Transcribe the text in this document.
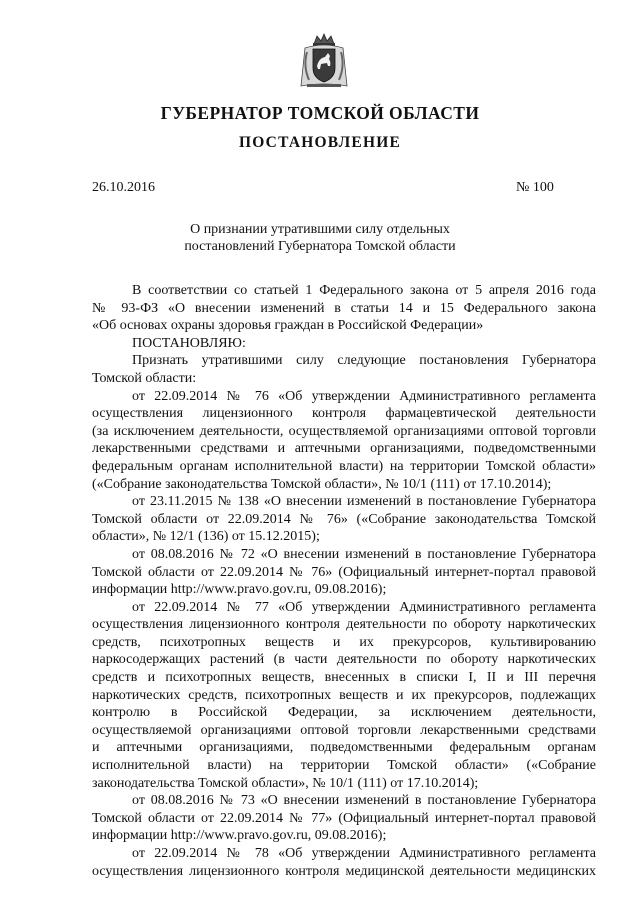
ГУБЕРНАТОР ТОМСКОЙ ОБЛАСТИ
ПОСТАНОВЛЕНИЕ
26.10.2016	№ 100
О признании утратившими силу отдельных
постановлений Губернатора Томской области
В соответствии со статьей 1 Федерального закона от 5 апреля 2016 года
№ 93-ФЗ «О внесении изменений в статьи 14 и 15 Федерального закона
«Об основах охраны здоровья граждан в Российской Федерации»
ПОСТАНОВЛЯЮ:
Признать утратившими силу следующие постановления Губернатора
Томской области:
от 22.09.2014 № 76 «Об утверждении Административного регламента
осуществления лицензионного контроля фармацевтической деятельности
(за исключением деятельности, осуществляемой организациями оптовой торговли
лекарственными средствами и аптечными организациями, подведомственными
федеральным органам исполнительной власти) на территории Томской области»
(«Собрание законодательства Томской области», № 10/1 (111) от 17.10.2014);
от 23.11.2015 № 138 «О внесении изменений в постановление Губернатора
Томской области от 22.09.2014 № 76» («Собрание законодательства Томской
области», № 12/1 (136) от 15.12.2015);
от 08.08.2016 № 72 «О внесении изменений в постановление Губернатора
Томской области от 22.09.2014 № 76» (Официальный интернет-портал правовой
информации http://www.pravo.gov.ru, 09.08.2016);
от 22.09.2014 № 77 «Об утверждении Административного регламента
осуществления лицензионного контроля деятельности по обороту наркотических
средств, психотропных веществ и их прекурсоров, культивированию
наркосодержащих растений (в части деятельности по обороту наркотических
средств и психотропных веществ, внесенных в списки I, II и III перечня
наркотических средств, психотропных веществ и их прекурсоров, подлежащих
контролю в Российской Федерации, за исключением деятельности,
осуществляемой организациями оптовой торговли лекарственными средствами
и аптечными организациями, подведомственными федеральным органам
исполнительной власти) на территории Томской области» («Собрание
законодательства Томской области», № 10/1 (111) от 17.10.2014);
от 08.08.2016 № 73 «О внесении изменений в постановление Губернатора
Томской области от 22.09.2014 № 77» (Официальный интернет-портал правовой
информации http://www.pravo.gov.ru, 09.08.2016);
от 22.09.2014 № 78 «Об утверждении Административного регламента
осуществления лицензионного контроля медицинской деятельности медицинских
